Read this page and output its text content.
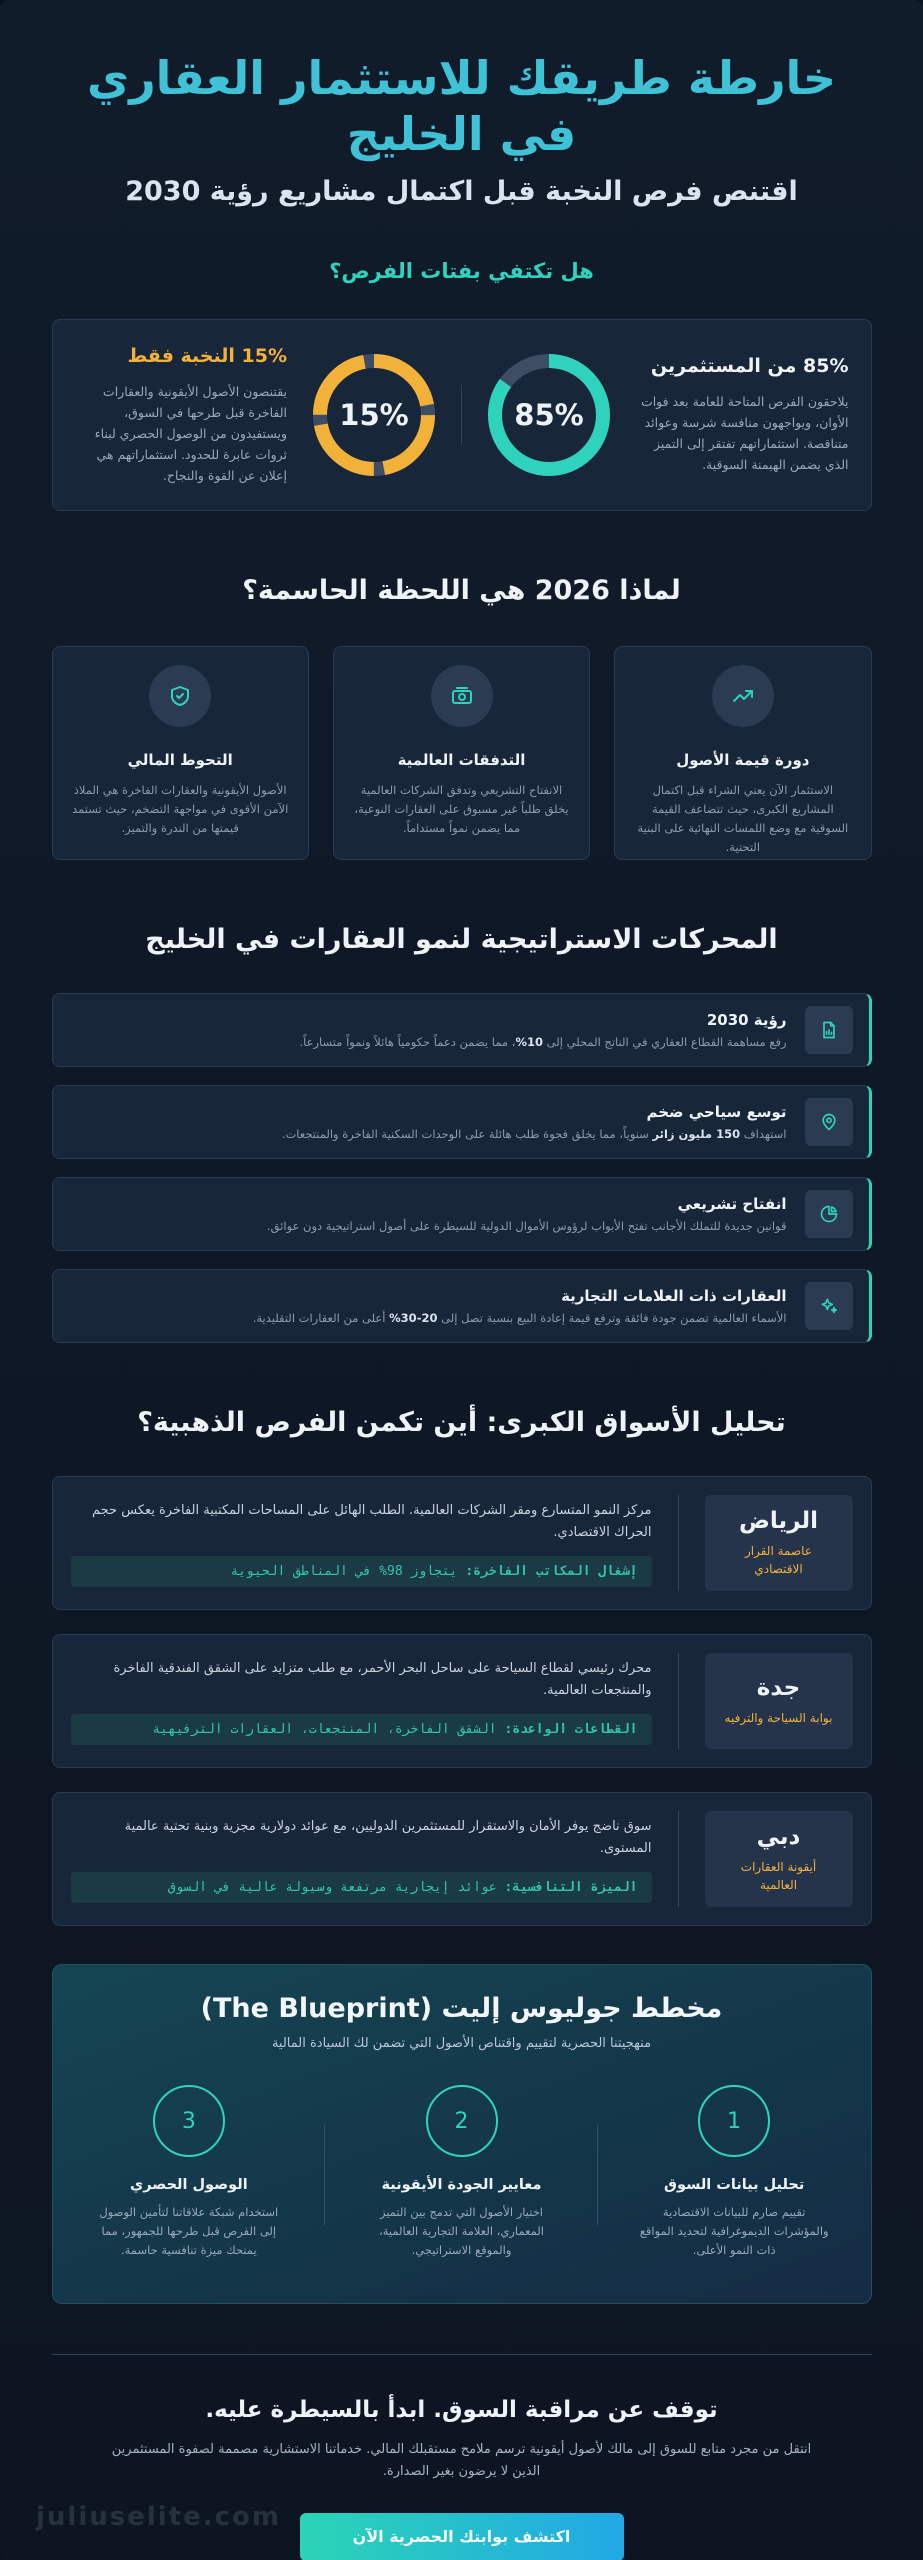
خارطة طريقك للاستثمار العقاري
في الخليج
اقتنص فرص النخبة قبل اكتمال مشاريع رؤية 2030
هل تكتفي بفتات الفرص؟
85% من المستثمرين

يلاحقون الفرص المتاحة للعامة بعد فوات الأوان، ويواجهون منافسة شرسة وعوائد متناقصة. استثماراتهم تفتقر إلى التميز الذي يضمن الهيمنة السوقية.

85%
15%
15% النخبة فقط

يقتنصون الأصول الأيقونية والعقارات الفاخرة قبل طرحها في السوق، ويستفيدون من الوصول الحصري لبناء ثروات عابرة للحدود. استثماراتهم هي إعلان عن القوة والنجاح.

لماذا 2026 هي اللحظة الحاسمة؟
دورة قيمة الأصول

الاستثمار الآن يعني الشراء قبل اكتمال المشاريع الكبرى، حيث تتضاعف القيمة السوقية مع وضع اللمسات النهائية على البنية التحتية.

التدفقات العالمية

الانفتاح التشريعي وتدفق الشركات العالمية يخلق طلباً غير مسبوق على العقارات النوعية، مما يضمن نمواً مستداماً.

التحوط المالي

الأصول الأيقونية والعقارات الفاخرة هي الملاذ الآمن الأقوى في مواجهة التضخم، حيث تستمد قيمتها من الندرة والتميز.

المحركات الاستراتيجية لنمو العقارات في الخليج
رؤية 2030

رفع مساهمة القطاع العقاري في الناتج المحلي إلى 10%، مما يضمن دعماً حكومياً هائلاً ونمواً متسارعاً.

توسع سياحي ضخم

استهداف 150 مليون زائر سنوياً، مما يخلق فجوة طلب هائلة على الوحدات السكنية الفاخرة والمنتجعات.

انفتاح تشريعي

قوانين جديدة للتملك الأجانب تفتح الأبواب لرؤوس الأموال الدولية للسيطرة على أصول استراتيجية دون عوائق.

العقارات ذات العلامات التجارية

الأسماء العالمية تضمن جودة فائقة وترفع قيمة إعادة البيع بنسبة تصل إلى 20-30% أعلى من العقارات التقليدية.

تحليل الأسواق الكبرى: أين تكمن الفرص الذهبية؟
الرياض
عاصمة القرار الاقتصادي

مركز النمو المتسارع ومقر الشركات العالمية. الطلب الهائل على المساحات المكتبية الفاخرة يعكس حجم الحراك الاقتصادي.

إشغال المكاتب الفاخرة: يتجاوز 98% في المناطق الحيوية
جدة
بوابة السياحة والترفيه

محرك رئيسي لقطاع السياحة على ساحل البحر الأحمر، مع طلب متزايد على الشقق الفندقية الفاخرة والمنتجعات العالمية.

القطاعات الواعدة: الشقق الفاخرة، المنتجعات، العقارات الترفيهية
دبي
أيقونة العقارات العالمية

سوق ناضج يوفر الأمان والاستقرار للمستثمرين الدوليين، مع عوائد دولارية مجزية وبنية تحتية عالمية المستوى.

الميزة التنافسية: عوائد إيجارية مرتفعة وسيولة عالية في السوق
مخطط جوليوس إليت (The Blueprint)
منهجيتنا الحصرية لتقييم واقتناص الأصول التي تضمن لك السيادة المالية
1
تحليل بيانات السوق

تقييم صارم للبيانات الاقتصادية والمؤشرات الديموغرافية لتحديد المواقع ذات النمو الأعلى.

2
معايير الجودة الأيقونية

اختيار الأصول التي تدمج بين التميز المعماري، العلامة التجارية العالمية، والموقع الاستراتيجي.

3
الوصول الحصري

استخدام شبكة علاقاتنا لتأمين الوصول إلى الفرص قبل طرحها للجمهور، مما يمنحك ميزة تنافسية حاسمة.

توقف عن مراقبة السوق. ابدأ بالسيطرة عليه.

انتقل من مجرد متابع للسوق إلى مالك لأصول أيقونية ترسم ملامح مستقبلك المالي. خدماتنا الاستشارية مصممة لصفوة المستثمرين الذين لا يرضون بغير الصدارة.

اكتشف بوابتك الحصرية الآن
juliuselite.com
